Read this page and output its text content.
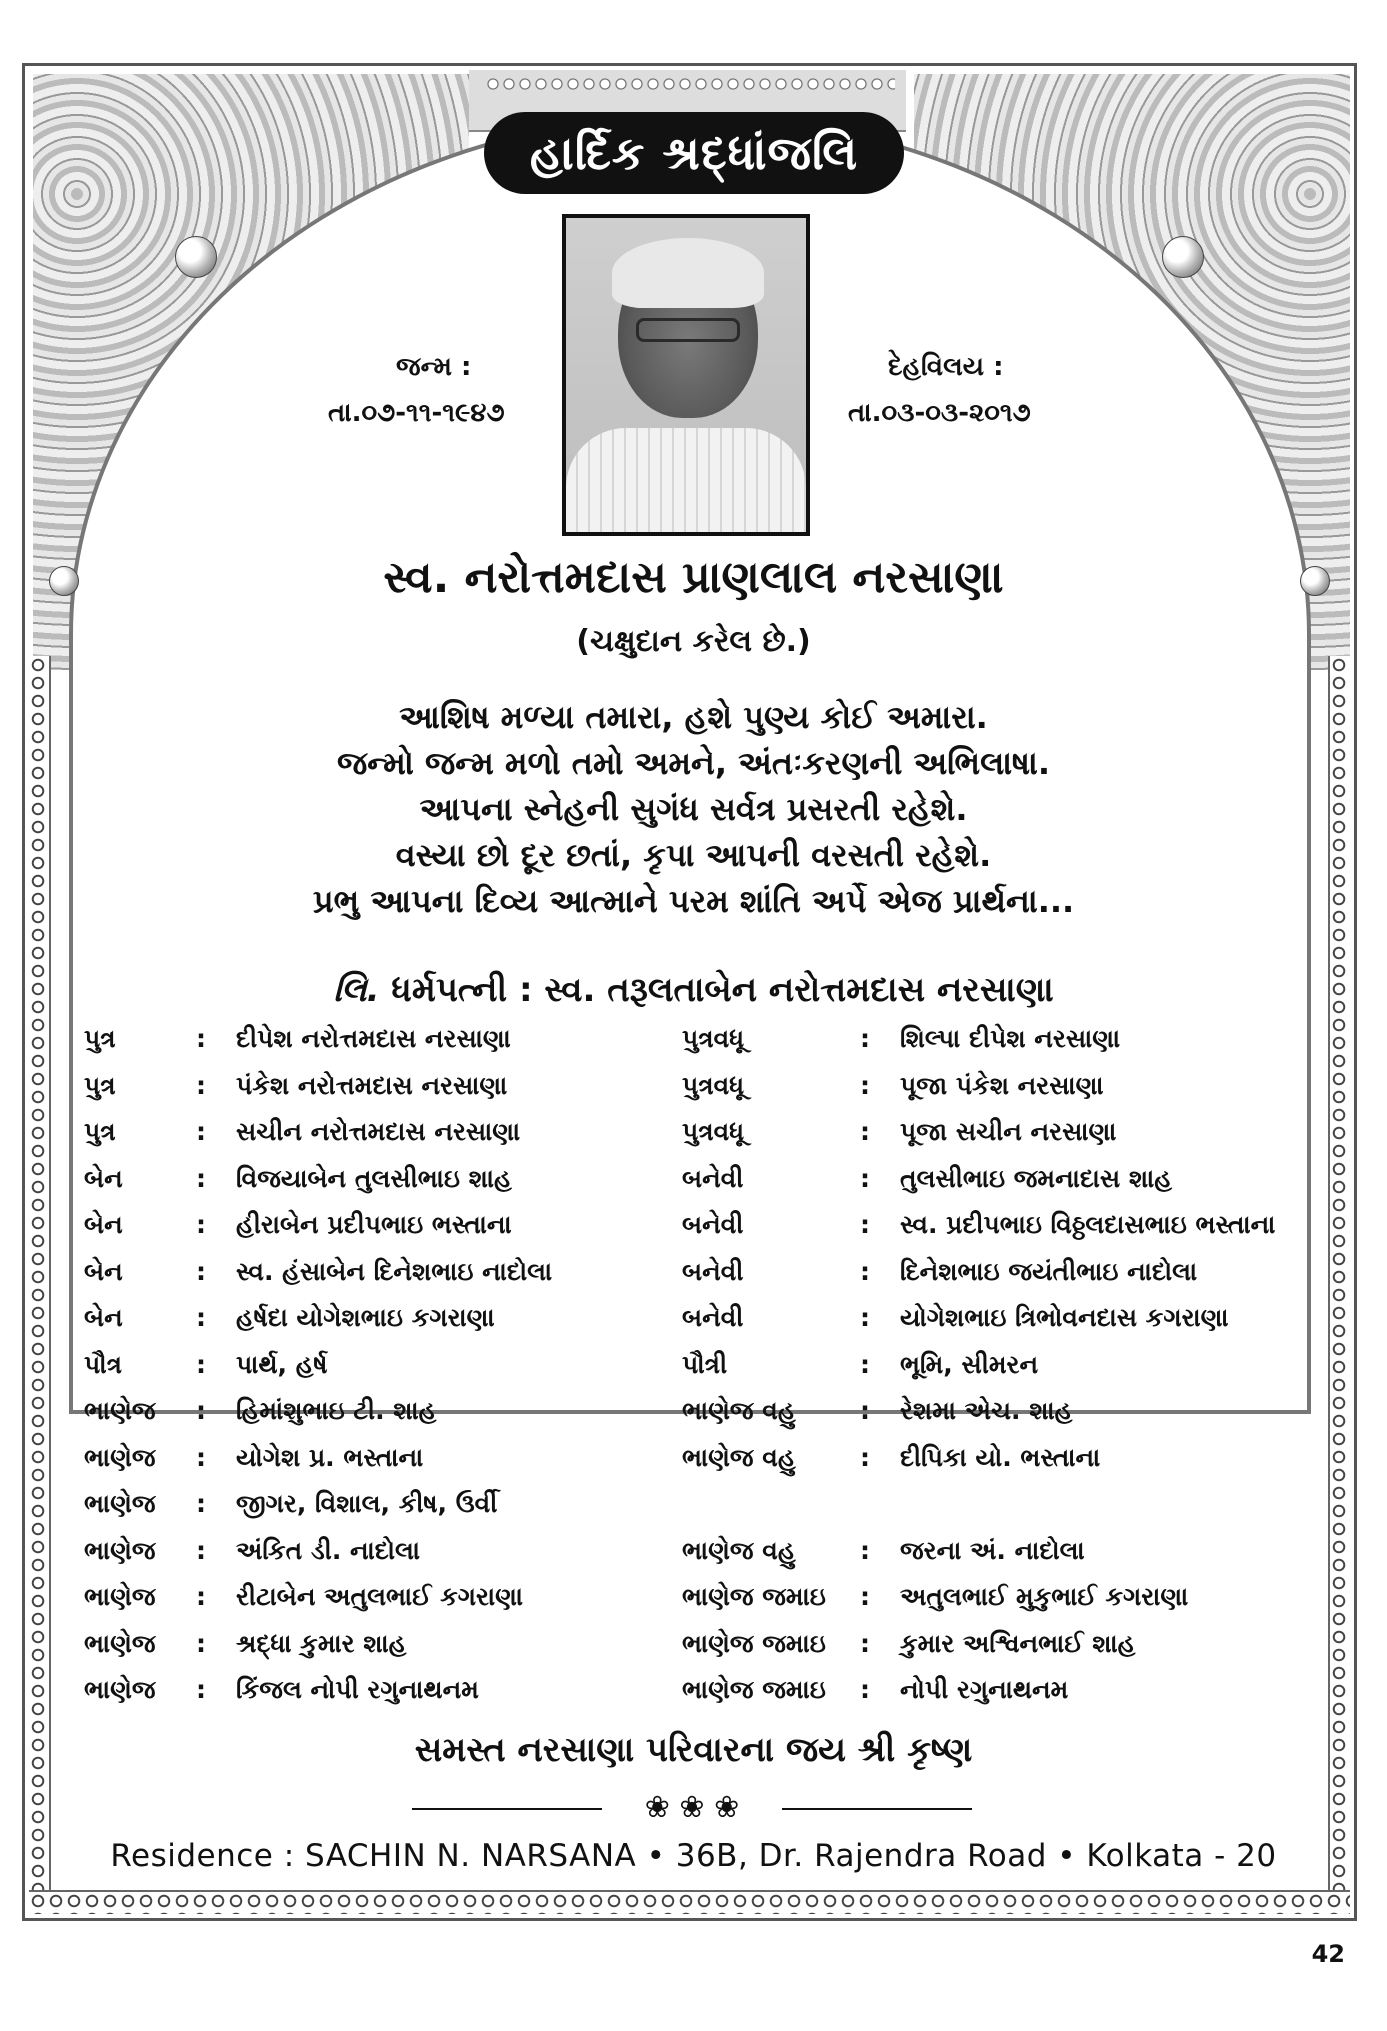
હાર્દિક શ્રદ્ધાંજલિ
જન્મ :
તા.૦૭-૧૧-૧૯૪૭
દેહવિલય :
તા.૦૩-૦૩-૨૦૧૭
સ્વ. નરોત્તમદાસ પ્રાણલાલ નરસાણા
(ચક્ષુદાન કરેલ છે.)
આશિષ મળ્યા તમારા, હશે પુણ્ય કોઈ અમારા.
જન્મો જન્મ મળો તમો અમને, અંતઃકરણની અભિલાષા.
આપના સ્નેહની સુગંધ સર્વત્ર પ્રસરતી રહેશે.
વસ્યા છો દૂર છતાં, કૃપા આપની વરસતી રહેશે.
પ્રભુ આપના દિવ્ય આત્માને પરમ શાંતિ અર્પે એજ પ્રાર્થના...
લિ. ધર્મપત્ની : સ્વ. તરૂલતાબેન નરોત્તમદાસ નરસાણા
પુત્ર	: દીપેશ નરોત્તમદાસ નરસાણા	પુત્રવધૂ	: શિલ્પા દીપેશ નરસાણા
પુત્ર	: પંકેશ નરોત્તમદાસ નરસાણા	પુત્રવધૂ	: પૂજા પંકેશ નરસાણા
પુત્ર	: સચીન નરોત્તમદાસ નરસાણા	પુત્રવધૂ	: પૂજા સચીન નરસાણા
બેન	: વિજયાબેન તુલસીભાઇ શાહ	બનેવી	: તુલસીભાઇ જમનાદાસ શાહ
બેન	: હીરાબેન પ્રદીપભાઇ ભસ્તાના	બનેવી	: સ્વ. પ્રદીપભાઇ વિઠ્ઠલદાસભાઇ ભસ્તાના
બેન	: સ્વ. હંસાબેન દિનેશભાઇ નાદોલા	બનેવી	: દિનેશભાઇ જયંતીભાઇ નાદોલા
બેન	: હર્ષદા યોગેશભાઇ કગરાણા	બનેવી	: યોગેશભાઇ ત્રિભોવનદાસ કગરાણા
પૌત્ર	: પાર્થ, હર્ષ	પૌત્રી	: ભૂમિ, સીમરન
ભાણેજ : હિમાંશુભાઇ ટી. શાહ	ભાણેજ વહુ	: રેશમા એચ. શાહ
ભાણેજ : યોગેશ પ્ર. ભસ્તાના	ભાણેજ વહુ	: દીપિકા યો. ભસ્તાના
ભાણેજ : જીગર, વિશાલ, કીષ, ઉર્વી
ભાણેજ : અંકિત ડી. નાદોલા	ભાણેજ વહુ	: જરના અં. નાદોલા
ભાણેજ : રીટાબેન અતુલભાઈ કગરાણા	ભાણેજ જમાઇ : અતુલભાઈ મુકુભાઈ કગરાણા
ભાણેજ : શ્રદ્ધા કુમાર શાહ	ભાણેજ જમાઇ : કુમાર અશ્વિનભાઈ શાહ
ભાણેજ : કિંજલ નોપી રગુનાથનમ	ભાણેજ જમાઇ : નોપી રગુનાથનમ
સમસ્ત નરસાણા પરિવારના જય શ્રી કૃષ્ણ
❀ ❀ ❀
Residence : SACHIN N. NARSANA • 36B, Dr. Rajendra Road • Kolkata - 20
42
